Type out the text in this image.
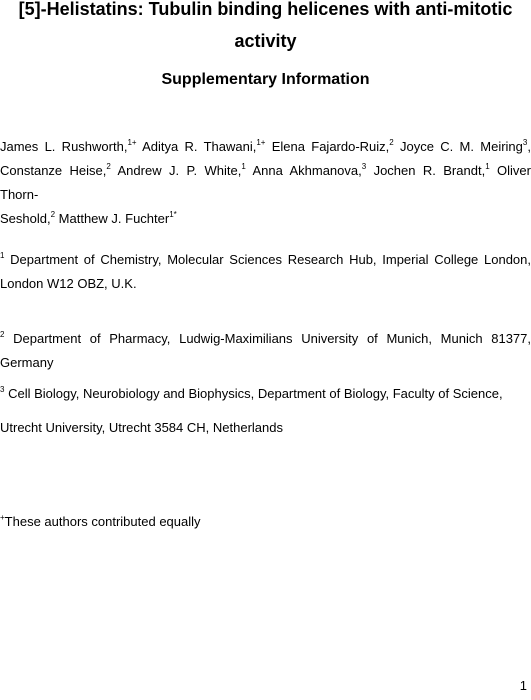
[5]-Helistatins: Tubulin binding helicenes with anti-mitotic
activity
Supplementary Information
James L. Rushworth,$^{1+}$ Aditya R. Thawani,$^{1+}$ Elena Fajardo-Ruiz,$^2$ Joyce C. M. Meiring$^3$,
Constanze Heise,$^2$ Andrew J. P. White,$^1$ Anna Akhmanova,$^3$ Jochen R. Brandt,$^1$ Oliver Thorn-
Seshold,$^2$ Matthew J. Fuchter$^{1*}$
$^1$ Department of Chemistry, Molecular Sciences Research Hub, Imperial College London,
London W12 OBZ, U.K.
$^2$ Department of Pharmacy, Ludwig-Maximilians University of Munich, Munich 81377,
Germany
$^3$ Cell Biology, Neurobiology and Biophysics, Department of Biology, Faculty of Science,
Utrecht University, Utrecht 3584 CH, Netherlands
+These authors contributed equally
1
